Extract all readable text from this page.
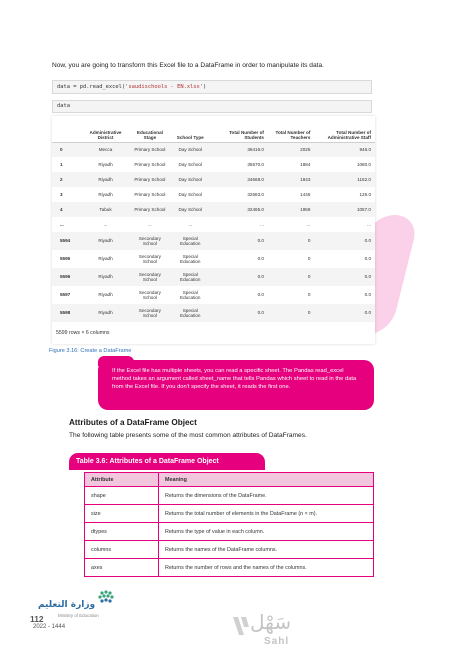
Now, you are going to transform this Excel file to a DataFrame in order to manipulate its data.

data = pd.read_excel('saudischools - EN.xlsx')
data
	Administrative District	Educational Stage	School Type	Total Number of Students	Total Number of Teachers	Total Number of Administrative Staff
0	Mecca	Primary School	Day School	36416.0	2025	946.0
1	Riyadh	Primary School	Day School	35570.0	1884	1080.0
2	Riyadh	Primary School	Day School	34668.0	1843	1152.0
3	Riyadh	Primary School	Day School	32683.0	1445	126.0
4	Tabuk	Primary School	Day School	32465.0	1959	1057.0
...	...	...	...	...	...	...
5594	Riyadh	Secondary School	Special Education	0.0	0	0.0
5595	Riyadh	Secondary School	Special Education	0.0	0	0.0
5596	Riyadh	Secondary School	Special Education	0.0	0	0.0
5597	Riyadh	Secondary School	Special Education	0.0	0	0.0
5598	Riyadh	Secondary School	Special Education	0.0	0	0.0
5599 rows × 6 columns

Figure 3.16: Create a DataFrame

If the Excel file has multiple sheets, you can read a specific sheet. The Pandas read_excel method takes an argument called sheet_name that tells Pandas which sheet to read in the data from the Excel file. If you don't specify the sheet, it reads the first one.
Attributes of a DataFrame Object

The following table presents some of the most common attributes of DataFrames.

Table 3.6: Attributes of a DataFrame Object
Attribute	Meaning
shape	Returns the dimensions of the DataFrame.
size	Returns the total number of elements in the DataFrame (n × m).
dtypes	Returns the type of value in each column.
columns	Returns the names of the DataFrame columns.
axes	Returns the number of rows and the names of the columns.
وزارة التعليم
Ministry of Education
112
2022 - 1444	سَهْل
Sahl
